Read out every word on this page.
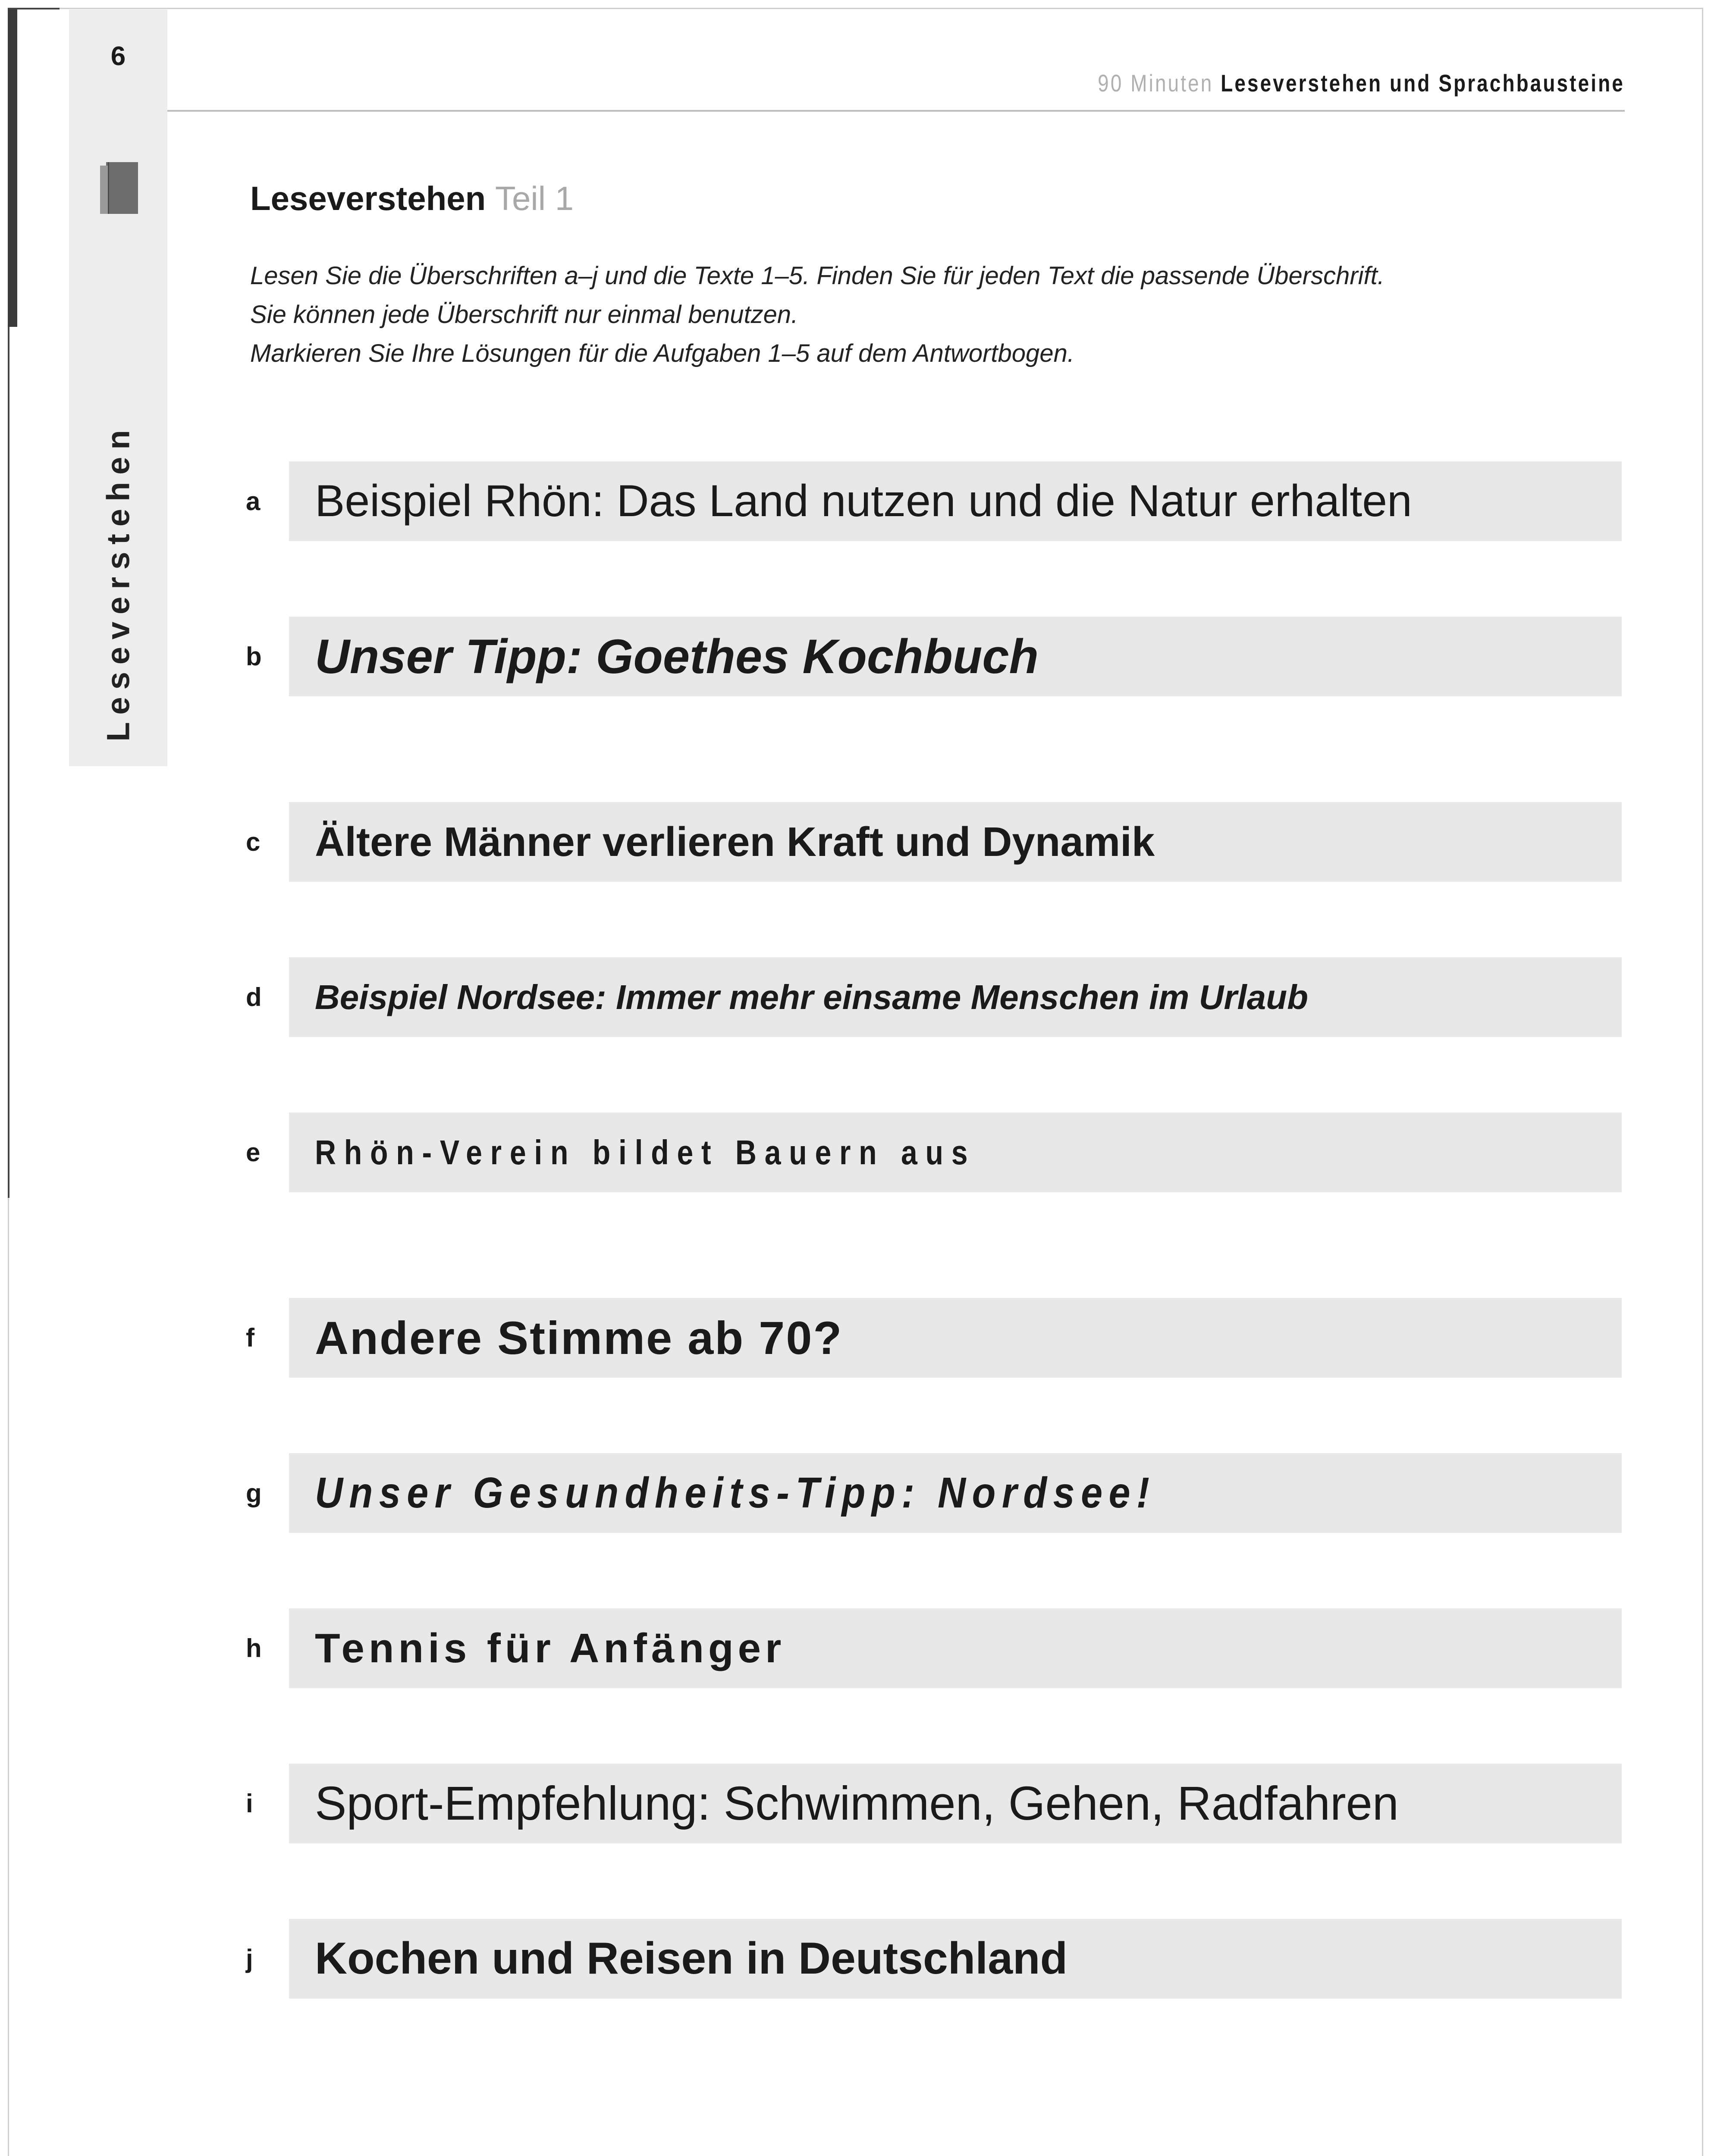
6
Leseverstehen
90 Minuten Leseverstehen und Sprachbausteine
Leseverstehen Teil 1
Lesen Sie die Überschriften a–j und die Texte 1–5. Finden Sie für jeden Text die passende Überschrift.
Sie können jede Überschrift nur einmal benutzen.
Markieren Sie Ihre Lösungen für die Aufgaben 1–5 auf dem Antwortbogen.
a	Beispiel Rhön: Das Land nutzen und die Natur erhalten
b	Unser Tipp: Goethes Kochbuch
c	Ältere Männer verlieren Kraft und Dynamik
d	Beispiel Nordsee: Immer mehr einsame Menschen im Urlaub
e	Rhön-Verein bildet Bauern aus
f	Andere Stimme ab 70?
g	Unser Gesundheits-Tipp: Nordsee!
h	Tennis für Anfänger
i	Sport-Empfehlung: Schwimmen, Gehen, Radfahren
j	Kochen und Reisen in Deutschland
